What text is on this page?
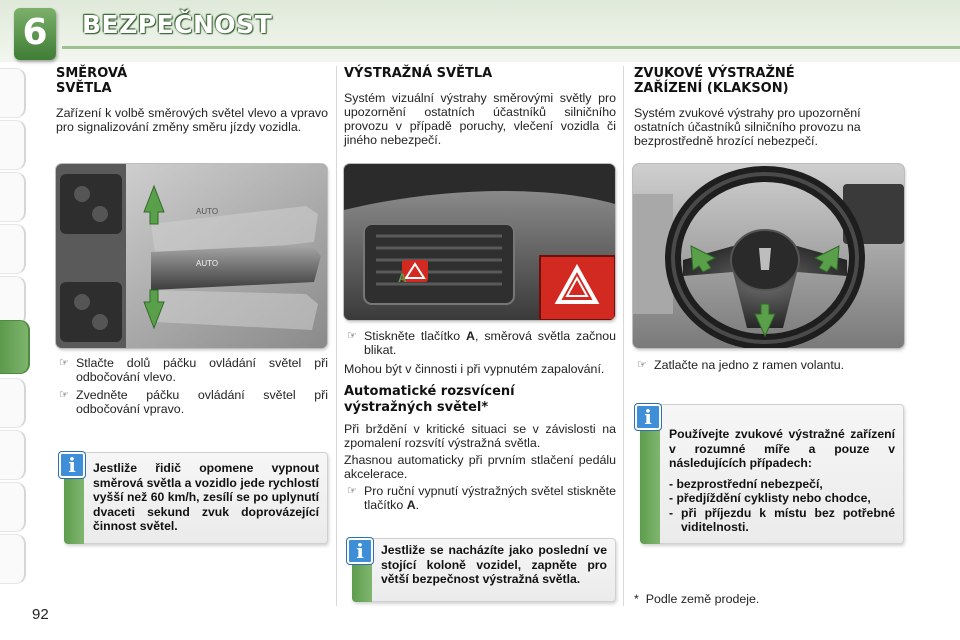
6	BEZPEČNOST
SMĚROVÁ
SVĚTLA
Zařízení k volbě směrových světel vlevo a vpravo pro signalizování změny směru jízdy vozidla.
AUTO
AUTO
☞ Stlačte dolů páčku ovládání světel při odbočování vlevo.
☞ Zvedněte páčku ovládání světel při odbočování vpravo.
i	Jestliže řidič opomene vypnout směrová světla a vozidlo jede rychlostí vyšší než 60 km/h, zesílí se po uplynutí dvaceti sekund zvuk doprovázející činnost světel.
VÝSTRAŽNÁ SVĚTLA
Systém vizuální výstrahy směrovými světly pro upozornění ostatních účastníků silničního provozu v případě poruchy, vlečení vozidla či jiného nebezpečí.
A
☞ Stiskněte tlačítko A, směrová světla začnou blikat.
Mohou být v činnosti i při vypnutém zapalování.
Automatické rozsvícení
výstražných světel*
Při brždění v kritické situaci se v závislosti na zpomalení rozsvítí výstražná světla.
Zhasnou automaticky při prvním stlačení pedálu akcelerace.
☞ Pro ruční vypnutí výstražných světel stiskněte tlačítko A.
i	Jestliže se nacházíte jako poslední ve stojící koloně vozidel, zapněte pro větší bezpečnost výstražná světla.
ZVUKOVÉ VÝSTRAŽNÉ
ZAŘÍZENÍ (KLAKSON)
Systém zvukové výstrahy pro upozornění ostatních účastníků silničního provozu na bezprostředně hrozící nebezpečí.
☞ Zatlačte na jedno z ramen volantu.
i
Používejte zvukové výstražné zařízení v rozumné míře a pouze v následujících případech:
- bezprostřední nebezpečí,
- předjíždění cyklisty nebo chodce,
- při příjezdu k místu bez potřebné viditelnosti.
*  Podle země prodeje.
92
